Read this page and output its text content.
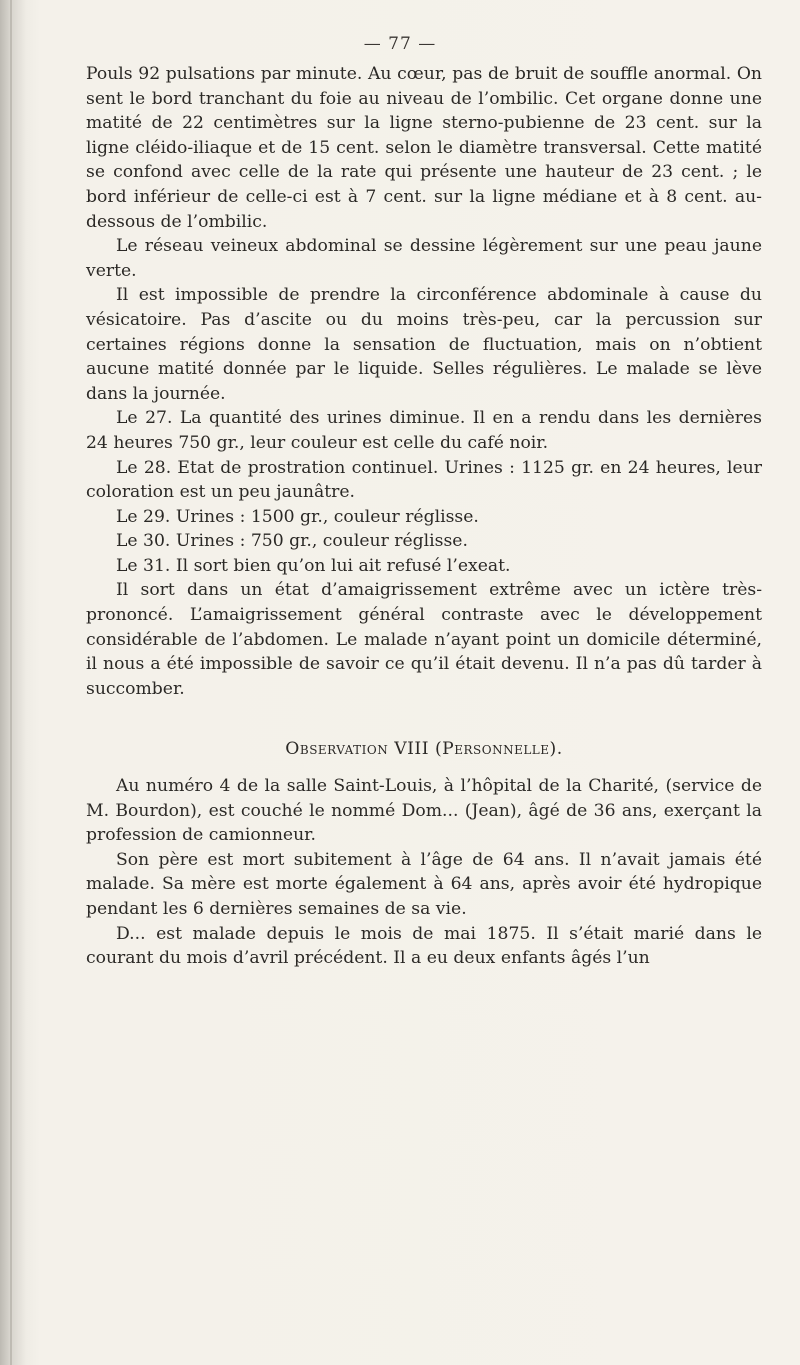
— 77 —

Pouls 92 pulsations par minute. Au cœur, pas de bruit de souffle anormal. On sent le bord tranchant du foie au niveau de l’ombilic. Cet organe donne une matité de 22 centimètres sur la ligne sterno-pubienne de 23 cent. sur la ligne cléido-iliaque et de 15 cent. selon le diamètre transversal. Cette matité se confond avec celle de la rate qui présente une hauteur de 23 cent. ; le bord inférieur de celle-ci est à 7 cent. sur la ligne médiane et à 8 cent. au-dessous de l’ombilic.

Le réseau veineux abdominal se dessine légèrement sur une peau jaune verte.

Il est impossible de prendre la circonférence abdominale à cause du vésicatoire. Pas d’ascite ou du moins très-peu, car la percussion sur certaines régions donne la sensation de fluctuation, mais on n’obtient aucune matité donnée par le liquide. Selles régulières. Le malade se lève dans la journée.

Le 27. La quantité des urines diminue. Il en a rendu dans les dernières 24 heures 750 gr., leur couleur est celle du café noir.

Le 28. Etat de prostration continuel. Urines : 1125 gr. en 24 heures, leur coloration est un peu jaunâtre.

Le 29. Urines : 1500 gr., couleur réglisse.

Le 30. Urines : 750 gr., couleur réglisse.

Le 31. Il sort bien qu’on lui ait refusé l’exeat.

Il sort dans un état d’amaigrissement extrême avec un ictère très-prononcé. L’amaigrissement général contraste avec le développement considérable de l’abdomen. Le malade n’ayant point un domicile déterminé, il nous a été impossible de savoir ce qu’il était devenu. Il n’a pas dû tarder à succomber.

Observation VIII (Personnelle).

Au numéro 4 de la salle Saint-Louis, à l’hôpital de la Charité, (service de M. Bourdon), est couché le nommé Dom... (Jean), âgé de 36 ans, exerçant la profession de camionneur.

Son père est mort subitement à l’âge de 64 ans. Il n’avait jamais été malade. Sa mère est morte également à 64 ans, après avoir été hydropique pendant les 6 dernières semaines de sa vie.

D... est malade depuis le mois de mai 1875. Il s’était marié dans le courant du mois d’avril précédent. Il a eu deux enfants âgés l’un
